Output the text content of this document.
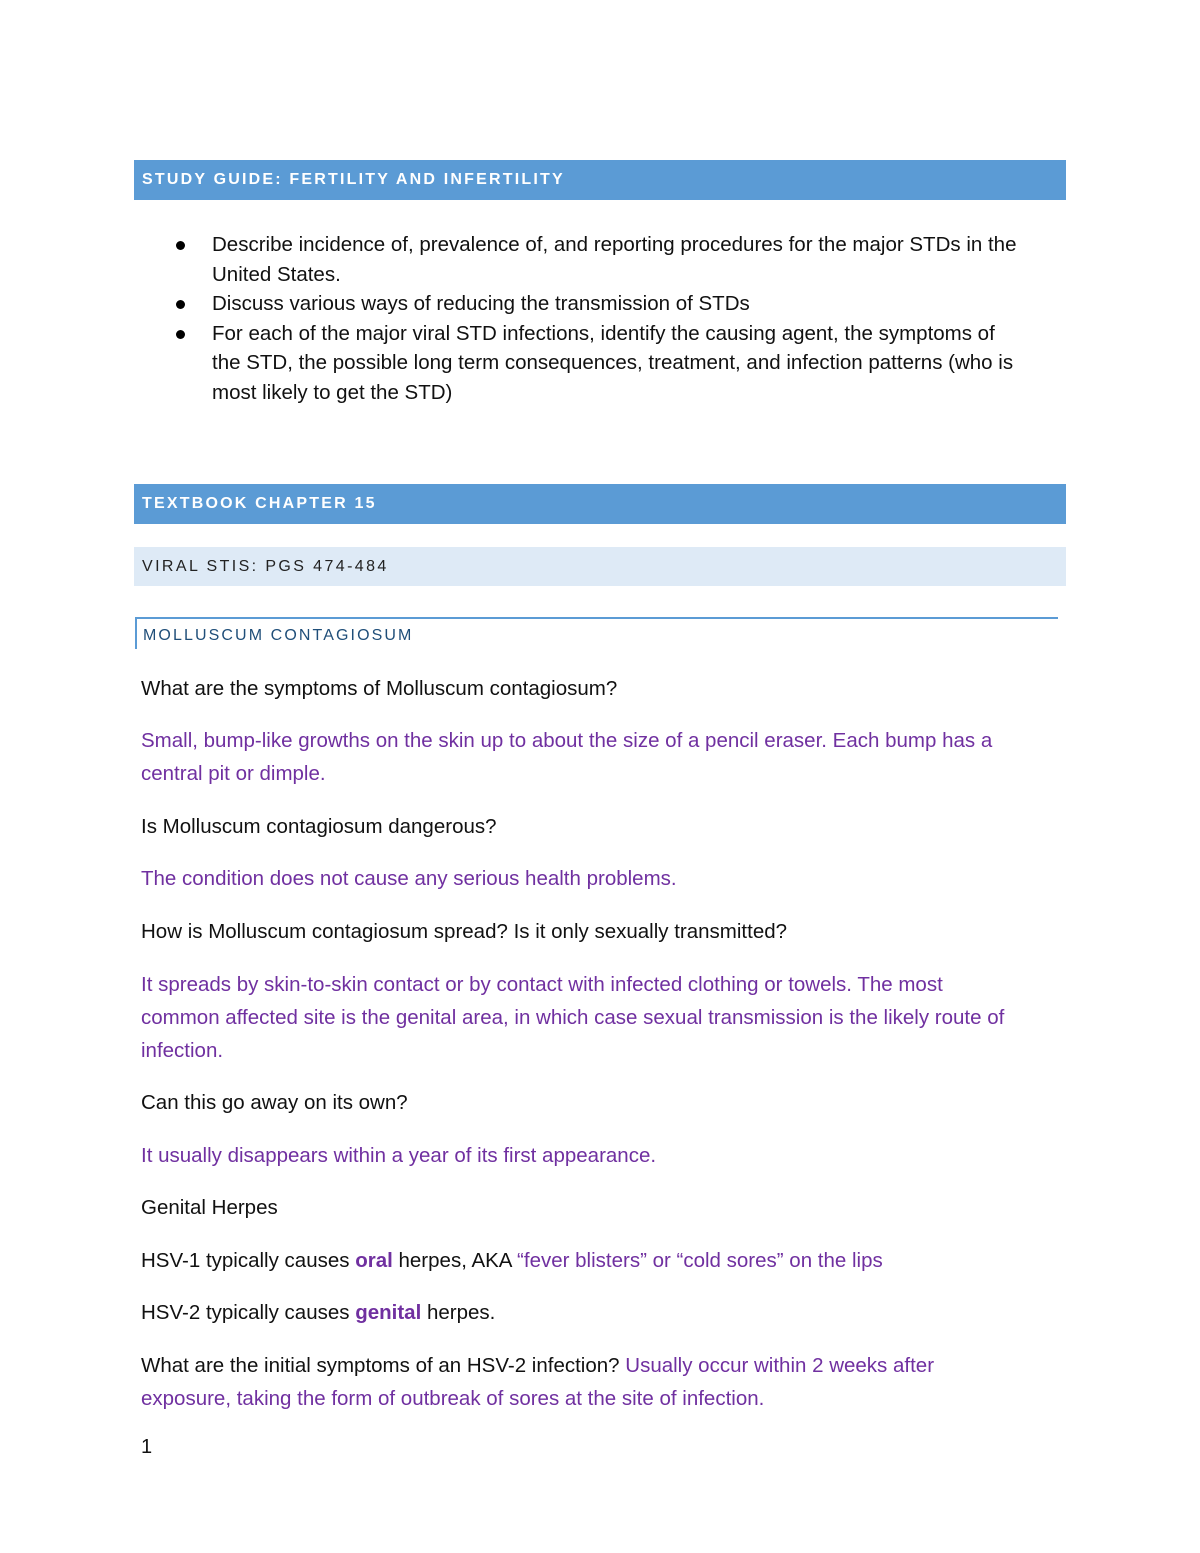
STUDY GUIDE: FERTILITY AND INFERTILITY
Describe incidence of, prevalence of, and reporting procedures for the major STDs in the
United States.
Discuss various ways of reducing the transmission of STDs
For each of the major viral STD infections, identify the causing agent, the symptoms of
the STD, the possible long term consequences, treatment, and infection patterns (who is
most likely to get the STD)
TEXTBOOK CHAPTER 15
VIRAL STIS: PGS 474-484
MOLLUSCUM CONTAGIOSUM

What are the symptoms of Molluscum contagiosum?

Small, bump-like growths on the skin up to about the size of a pencil eraser. Each bump has a
central pit or dimple.

Is Molluscum contagiosum dangerous?

The condition does not cause any serious health problems.

How is Molluscum contagiosum spread? Is it only sexually transmitted?

It spreads by skin-to-skin contact or by contact with infected clothing or towels. The most
common affected site is the genital area, in which case sexual transmission is the likely route of
infection.

Can this go away on its own?

It usually disappears within a year of its first appearance.

Genital Herpes

HSV-1 typically causes oral herpes, AKA “fever blisters” or “cold sores” on the lips

HSV-2 typically causes genital herpes.

What are the initial symptoms of an HSV-2 infection? Usually occur within 2 weeks after
exposure, taking the form of outbreak of sores at the site of infection.

1
